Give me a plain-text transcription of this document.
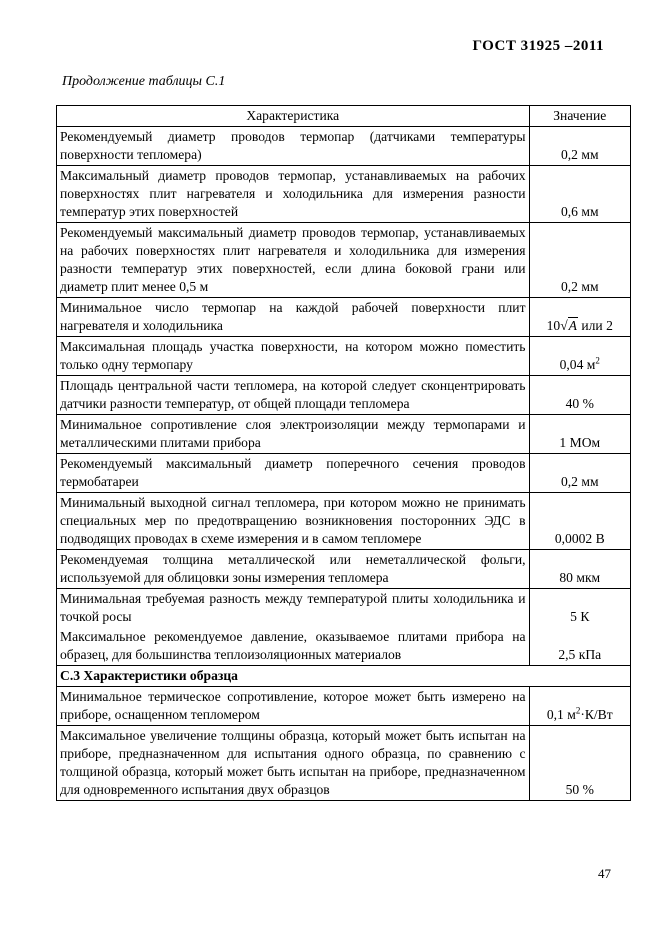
ГОСТ 31925 –2011
Продолжение таблицы С.1
Характеристика	Значение
Рекомендуемый диаметр проводов термопар (датчиками температуры поверхности тепломера)	0,2 мм
Максимальный диаметр проводов термопар, устанавливаемых на рабочих поверхностях плит нагревателя и холодильника для измерения разности температур этих поверхностей	0,6 мм
Рекомендуемый максимальный диаметр проводов термопар, устанавливаемых на рабочих поверхностях плит нагревателя и холодильника для измерения разности температур этих поверхностей, если длина боковой грани или диаметр плит менее 0,5 м	0,2 мм
Минимальное число термопар на каждой рабочей поверхности плит нагревателя и холодильника	10√A или 2
Максимальная площадь участка поверхности, на котором можно поместить только одну термопару	0,04 $м^2$
Площадь центральной части тепломера, на которой следует сконцентрировать датчики разности температур, от общей площади тепломера	40 %
Минимальное сопротивление слоя электроизоляции между термопарами и металлическими плитами прибора	1 МОм
Рекомендуемый максимальный диаметр поперечного сечения проводов термобатареи	0,2 мм
Минимальный выходной сигнал тепломера, при котором можно не принимать специальных мер по предотвращению возникновения посторонних ЭДС в подводящих проводах в схеме измерения и в самом тепломере	0,0002 В
Рекомендуемая толщина металлической или неметаллической фольги, используемой для облицовки зоны измерения тепломера	80 мкм
Минимальная требуемая разность между температурой плиты холодильника и точкой росы	5 К
Максимальное рекомендуемое давление, оказываемое плитами прибора на образец, для большинства теплоизоляционных материалов	2,5 кПа
С.3 Характеристики образца	
Минимальное термическое сопротивление, которое может быть измерено на приборе, оснащенном тепломером	0,1 $м^2\cdot К/Вт$
Максимальное увеличение толщины образца, который может быть испытан на приборе, предназначенном для испытания одного образца, по сравнению с толщиной образца, который может быть испытан на приборе, предназначенном для одновременного испытания двух образцов	50 %
47
